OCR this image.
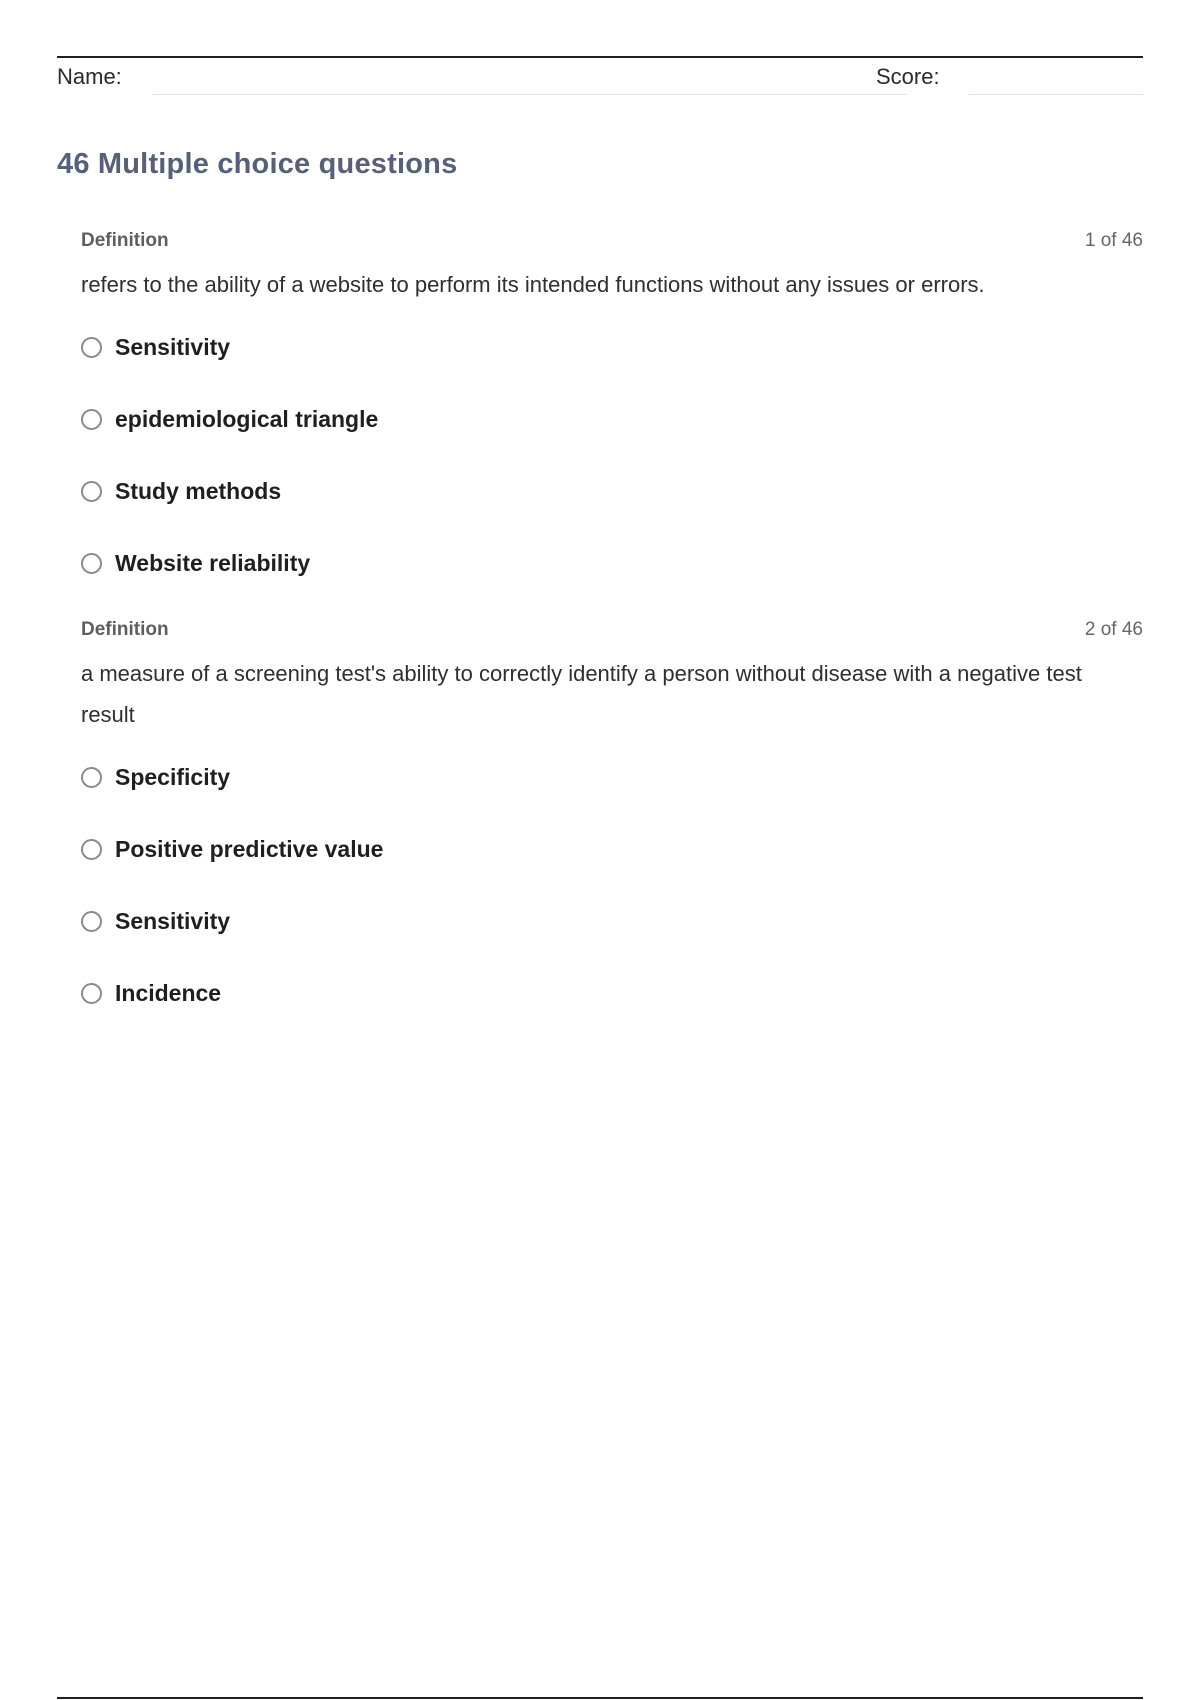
Name:	Score:
46 Multiple choice questions
Definition	1 of 46
refers to the ability of a website to perform its intended functions without any issues or errors.
Sensitivity
epidemiological triangle
Study methods
Website reliability
Definition	2 of 46
a measure of a screening test's ability to correctly identify a person without disease with a negative test result
Specificity
Positive predictive value
Sensitivity
Incidence
